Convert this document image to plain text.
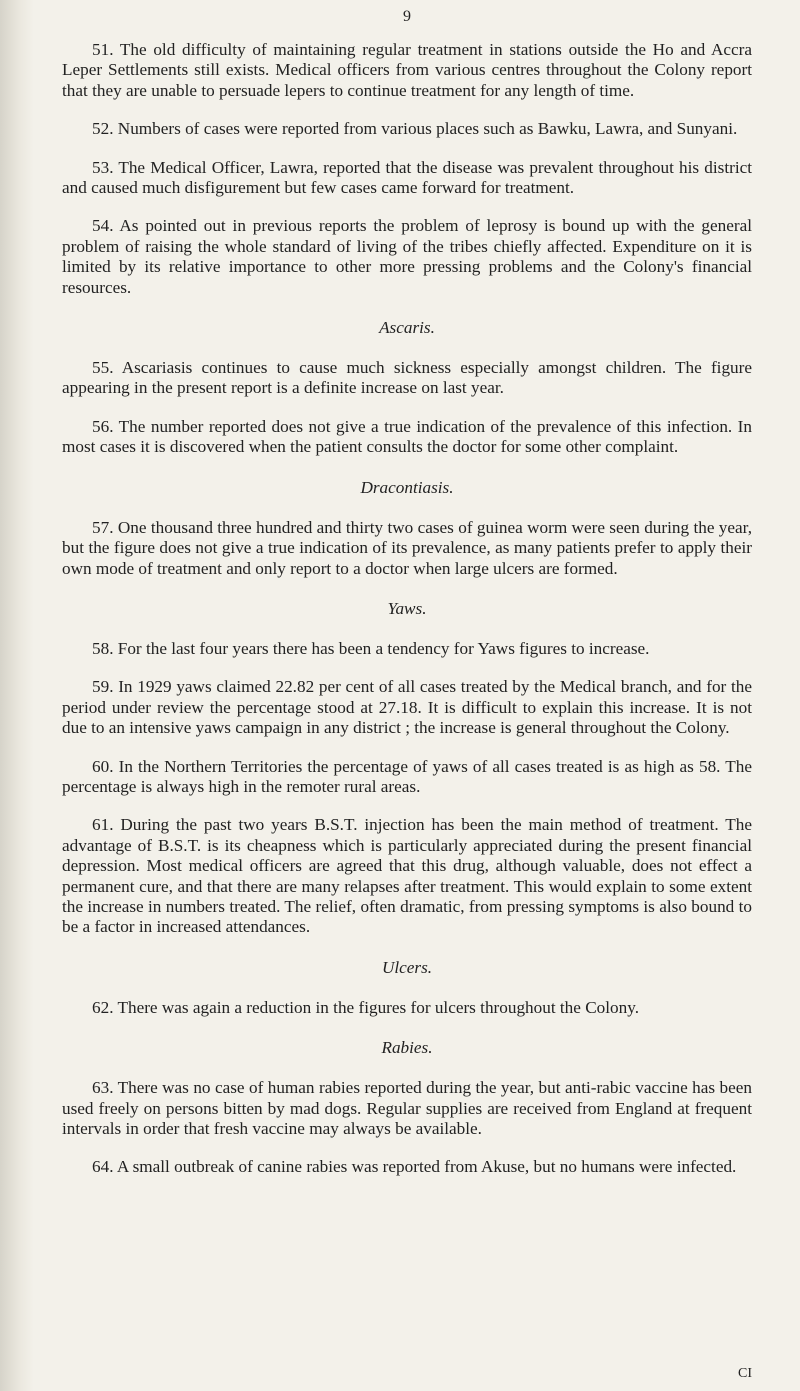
9

51. The old difficulty of maintaining regular treatment in stations outside the Ho and Accra Leper Settlements still exists. Medical officers from various centres throughout the Colony report that they are unable to persuade lepers to continue treatment for any length of time.

52. Numbers of cases were reported from various places such as Bawku, Lawra, and Sunyani.

53. The Medical Officer, Lawra, reported that the disease was prevalent throughout his district and caused much disfigurement but few cases came forward for treatment.

54. As pointed out in previous reports the problem of leprosy is bound up with the general problem of raising the whole standard of living of the tribes chiefly affected. Expenditure on it is limited by its relative importance to other more pressing problems and the Colony's financial resources.

Ascaris.

55. Ascariasis continues to cause much sickness especially amongst children. The figure appearing in the present report is a definite increase on last year.

56. The number reported does not give a true indication of the prevalence of this infection. In most cases it is discovered when the patient consults the doctor for some other complaint.

Dracontiasis.

57. One thousand three hundred and thirty two cases of guinea worm were seen during the year, but the figure does not give a true indication of its prevalence, as many patients prefer to apply their own mode of treatment and only report to a doctor when large ulcers are formed.

Yaws.

58. For the last four years there has been a tendency for Yaws figures to increase.

59. In 1929 yaws claimed 22.82 per cent of all cases treated by the Medical branch, and for the period under review the percentage stood at 27.18. It is difficult to explain this increase. It is not due to an intensive yaws campaign in any district ; the increase is general throughout the Colony.

60. In the Northern Territories the percentage of yaws of all cases treated is as high as 58. The percentage is always high in the remoter rural areas.

61. During the past two years B.S.T. injection has been the main method of treatment. The advantage of B.S.T. is its cheapness which is particularly appreciated during the present financial depression. Most medical officers are agreed that this drug, although valuable, does not effect a permanent cure, and that there are many relapses after treatment. This would explain to some extent the increase in numbers treated. The relief, often dramatic, from pressing symptoms is also bound to be a factor in increased attendances.

Ulcers.

62. There was again a reduction in the figures for ulcers throughout the Colony.

Rabies.

63. There was no case of human rabies reported during the year, but anti-rabic vaccine has been used freely on persons bitten by mad dogs. Regular supplies are received from England at frequent intervals in order that fresh vaccine may always be available.

64. A small outbreak of canine rabies was reported from Akuse, but no humans were infected.

CI
